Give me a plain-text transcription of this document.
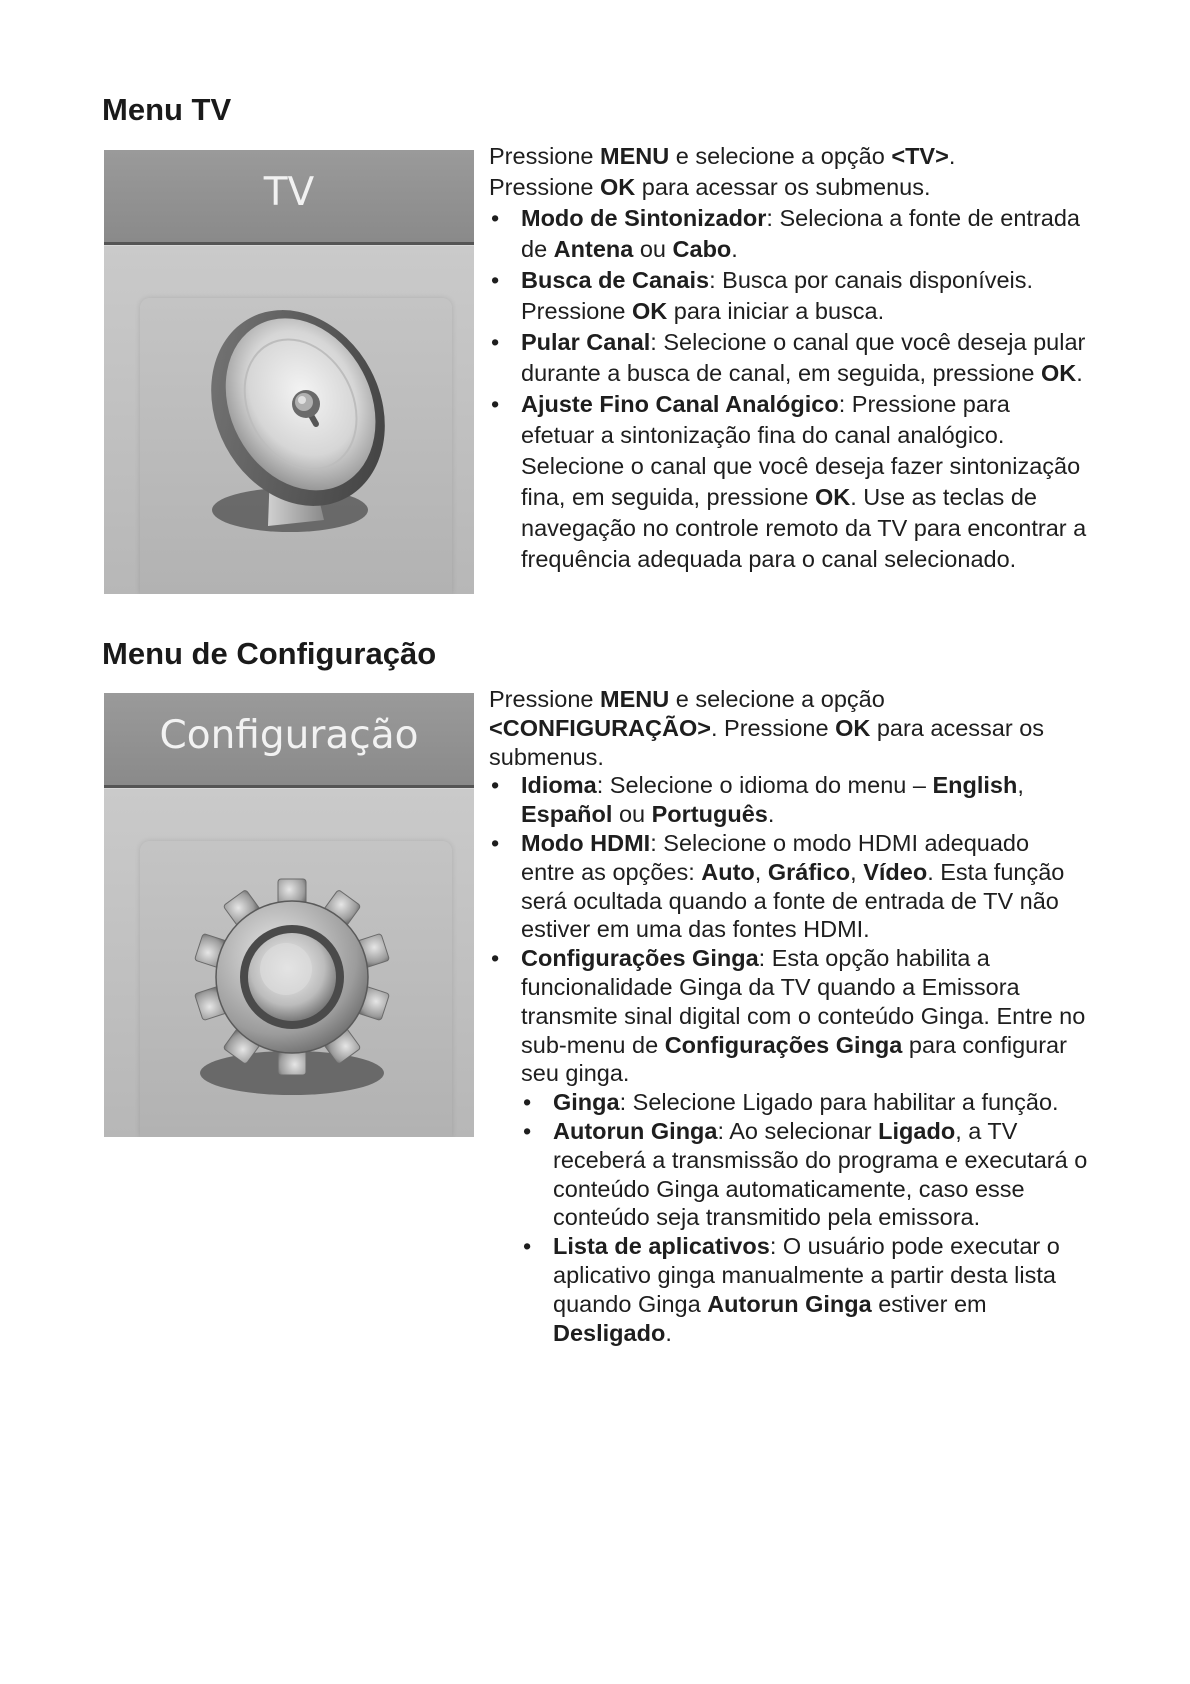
Menu TV
TV

Pressione MENU e selecione a opção <TV>.

Pressione OK para acessar os submenus.

• Modo de Sintonizador: Seleciona a fonte de entrada de Antena ou Cabo.
• Busca de Canais: Busca por canais disponíveis. Pressione OK para iniciar a busca.
• Pular Canal: Selecione o canal que você deseja pular durante a busca de canal, em seguida, pressione OK.
• Ajuste Fino Canal Analógico: Pressione para efetuar a sintonização fina do canal analógico. Selecione o canal que você deseja fazer sintonização fina, em seguida, pressione OK. Use as teclas de navegação no controle remoto da TV para encontrar a frequência adequada para o canal selecionado.
Menu de Configuração
Configuração

Pressione MENU e selecione a opção <CONFIGURAÇÃO>. Pressione OK para acessar os submenus.

• Idioma: Selecione o idioma do menu – English, Español ou Português.
• Modo HDMI: Selecione o modo HDMI adequado entre as opções: Auto, Gráfico, Vídeo. Esta função será ocultada quando a fonte de entrada de TV não estiver em uma das fontes HDMI.
• Configurações Ginga: Esta opção habilita a funcionalidade Ginga da TV quando a Emissora transmite sinal digital com o conteúdo Ginga. Entre no sub-menu de Configurações Ginga para configurar seu ginga.
• Ginga: Selecione Ligado para habilitar a função.
• Autorun Ginga: Ao selecionar Ligado, a TV receberá a transmissão do programa e executará o conteúdo Ginga automaticamente, caso esse conteúdo seja transmitido pela emissora.
• Lista de aplicativos: O usuário pode executar o aplicativo ginga manualmente a partir desta lista quando Ginga Autorun Ginga estiver em Desligado.
